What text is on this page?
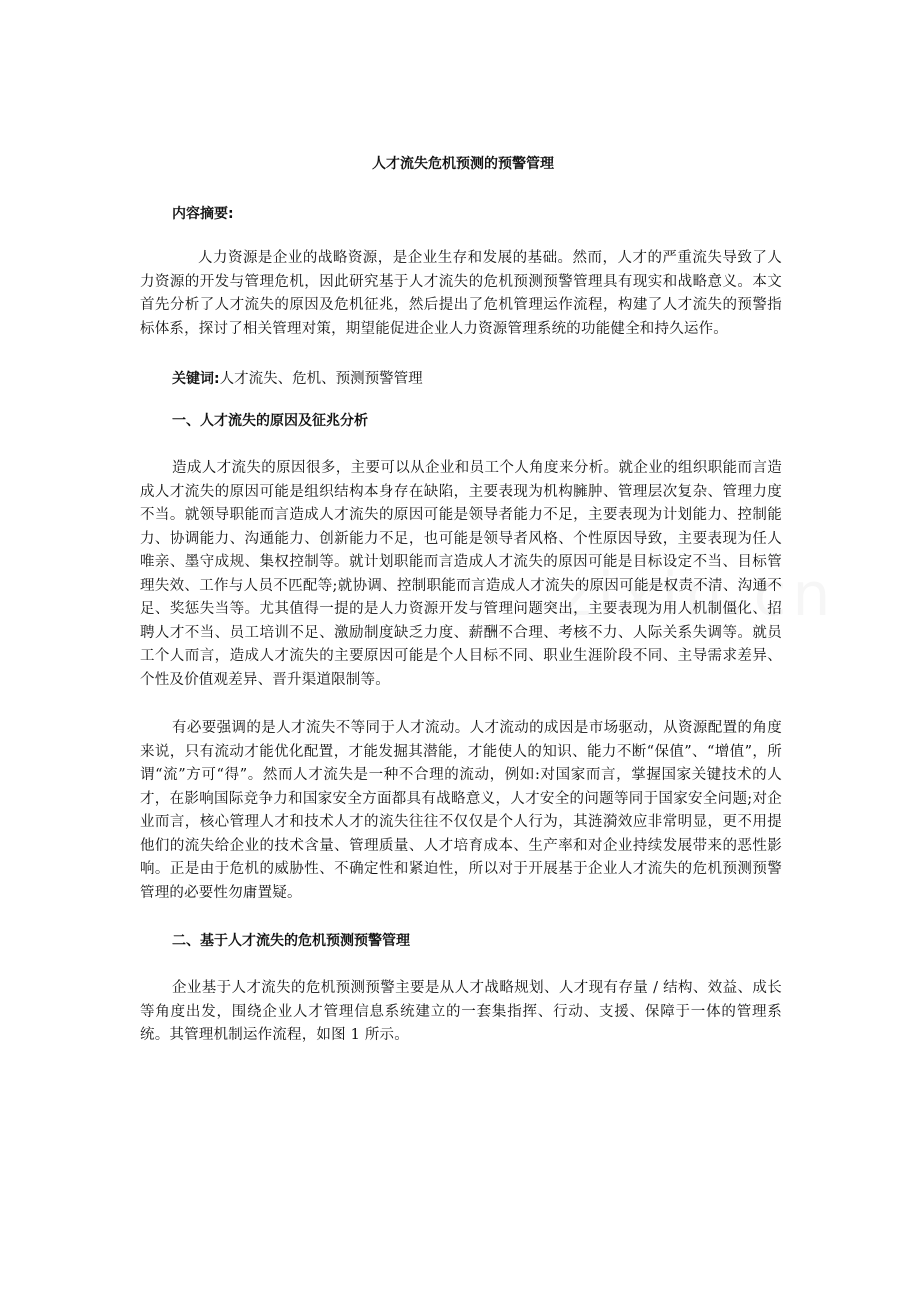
人才流失危机预测的预警管理
内容摘要:

人力资源是企业的战略资源，是企业生存和发展的基础。然而，人才的严重流失导致了人力资源的开发与管理危机，因此研究基于人才流失的危机预测预警管理具有现实和战略意义。本文首先分析了人才流失的原因及危机征兆，然后提出了危机管理运作流程，构建了人才流失的预警指标体系，探讨了相关管理对策，期望能促进企业人力资源管理系统的功能健全和持久运作。

关键词:人才流失、危机、预测预警管理
一、人才流失的原因及征兆分析

造成人才流失的原因很多，主要可以从企业和员工个人角度来分析。就企业的组织职能而言造成人才流失的原因可能是组织结构本身存在缺陷，主要表现为机构臃肿、管理层次复杂、管理力度不当。就领导职能而言造成人才流失的原因可能是领导者能力不足，主要表现为计划能力、控制能力、协调能力、沟通能力、创新能力不足，也可能是领导者风格、个性原因导致，主要表现为任人唯亲、墨守成规、集权控制等。就计划职能而言造成人才流失的原因可能是目标设定不当、目标管理失效、工作与人员不匹配等;就协调、控制职能而言造成人才流失的原因可能是权责不清、沟通不足、奖惩失当等。尤其值得一提的是人力资源开发与管理问题突出，主要表现为用人机制僵化、招聘人才不当、员工培训不足、激励制度缺乏力度、薪酬不合理、考核不力、人际关系失调等。就员工个人而言，造成人才流失的主要原因可能是个人目标不同、职业生涯阶段不同、主导需求差异、个性及价值观差异、晋升渠道限制等。

有必要强调的是人才流失不等同于人才流动。人才流动的成因是市场驱动，从资源配置的角度来说，只有流动才能优化配置，才能发掘其潜能，才能使人的知识、能力不断“保值”、“增值”，所谓“流”方可“得”。然而人才流失是一种不合理的流动，例如:对国家而言，掌握国家关键技术的人才，在影响国际竞争力和国家安全方面都具有战略意义，人才安全的问题等同于国家安全问题;对企业而言，核心管理人才和技术人才的流失往往不仅仅是个人行为，其涟漪效应非常明显，更不用提他们的流失给企业的技术含量、管理质量、人才培育成本、生产率和对企业持续发展带来的恶性影响。正是由于危机的威胁性、不确定性和紧迫性，所以对于开展基于企业人才流失的危机预测预警管理的必要性勿庸置疑。

二、基于人才流失的危机预测预警管理

企业基于人才流失的危机预测预警主要是从人才战略规划、人才现有存量 / 结构、效益、成长等角度出发，围绕企业人才管理信息系统建立的一套集指挥、行动、支援、保障于一体的管理系统。其管理机制运作流程，如图 1 所示。
